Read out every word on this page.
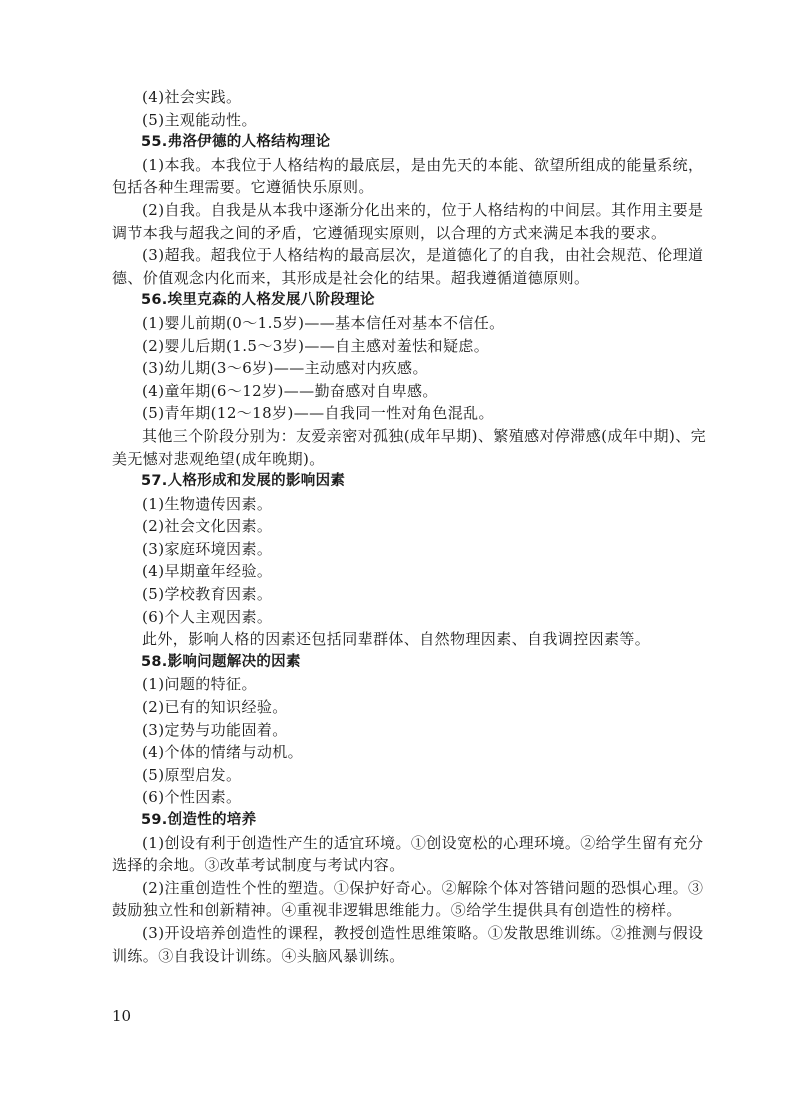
(4)社会实践。

(5)主观能动性。

55.弗洛伊德的人格结构理论

(1)本我。本我位于人格结构的最底层，是由先天的本能、欲望所组成的能量系统，包括各种生理需要。它遵循快乐原则。

(2)自我。自我是从本我中逐渐分化出来的，位于人格结构的中间层。其作用主要是调节本我与超我之间的矛盾，它遵循现实原则，以合理的方式来满足本我的要求。

(3)超我。超我位于人格结构的最高层次，是道德化了的自我，由社会规范、伦理道德、价值观念内化而来，其形成是社会化的结果。超我遵循道德原则。

56.埃里克森的人格发展八阶段理论

(1)婴儿前期(0～1.5岁)——基本信任对基本不信任。

(2)婴儿后期(1.5～3岁)——自主感对羞怯和疑虑。

(3)幼儿期(3～6岁)——主动感对内疚感。

(4)童年期(6～12岁)——勤奋感对自卑感。

(5)青年期(12～18岁)——自我同一性对角色混乱。

其他三个阶段分别为：友爱亲密对孤独(成年早期)、繁殖感对停滞感(成年中期)、完美无憾对悲观绝望(成年晚期)。

57.人格形成和发展的影响因素

(1)生物遗传因素。

(2)社会文化因素。

(3)家庭环境因素。

(4)早期童年经验。

(5)学校教育因素。

(6)个人主观因素。

此外，影响人格的因素还包括同辈群体、自然物理因素、自我调控因素等。

58.影响问题解决的因素

(1)问题的特征。

(2)已有的知识经验。

(3)定势与功能固着。

(4)个体的情绪与动机。

(5)原型启发。

(6)个性因素。

59.创造性的培养

(1)创设有利于创造性产生的适宜环境。①创设宽松的心理环境。②给学生留有充分选择的余地。③改革考试制度与考试内容。

(2)注重创造性个性的塑造。①保护好奇心。②解除个体对答错问题的恐惧心理。③鼓励独立性和创新精神。④重视非逻辑思维能力。⑤给学生提供具有创造性的榜样。

(3)开设培养创造性的课程，教授创造性思维策略。①发散思维训练。②推测与假设训练。③自我设计训练。④头脑风暴训练。

10
